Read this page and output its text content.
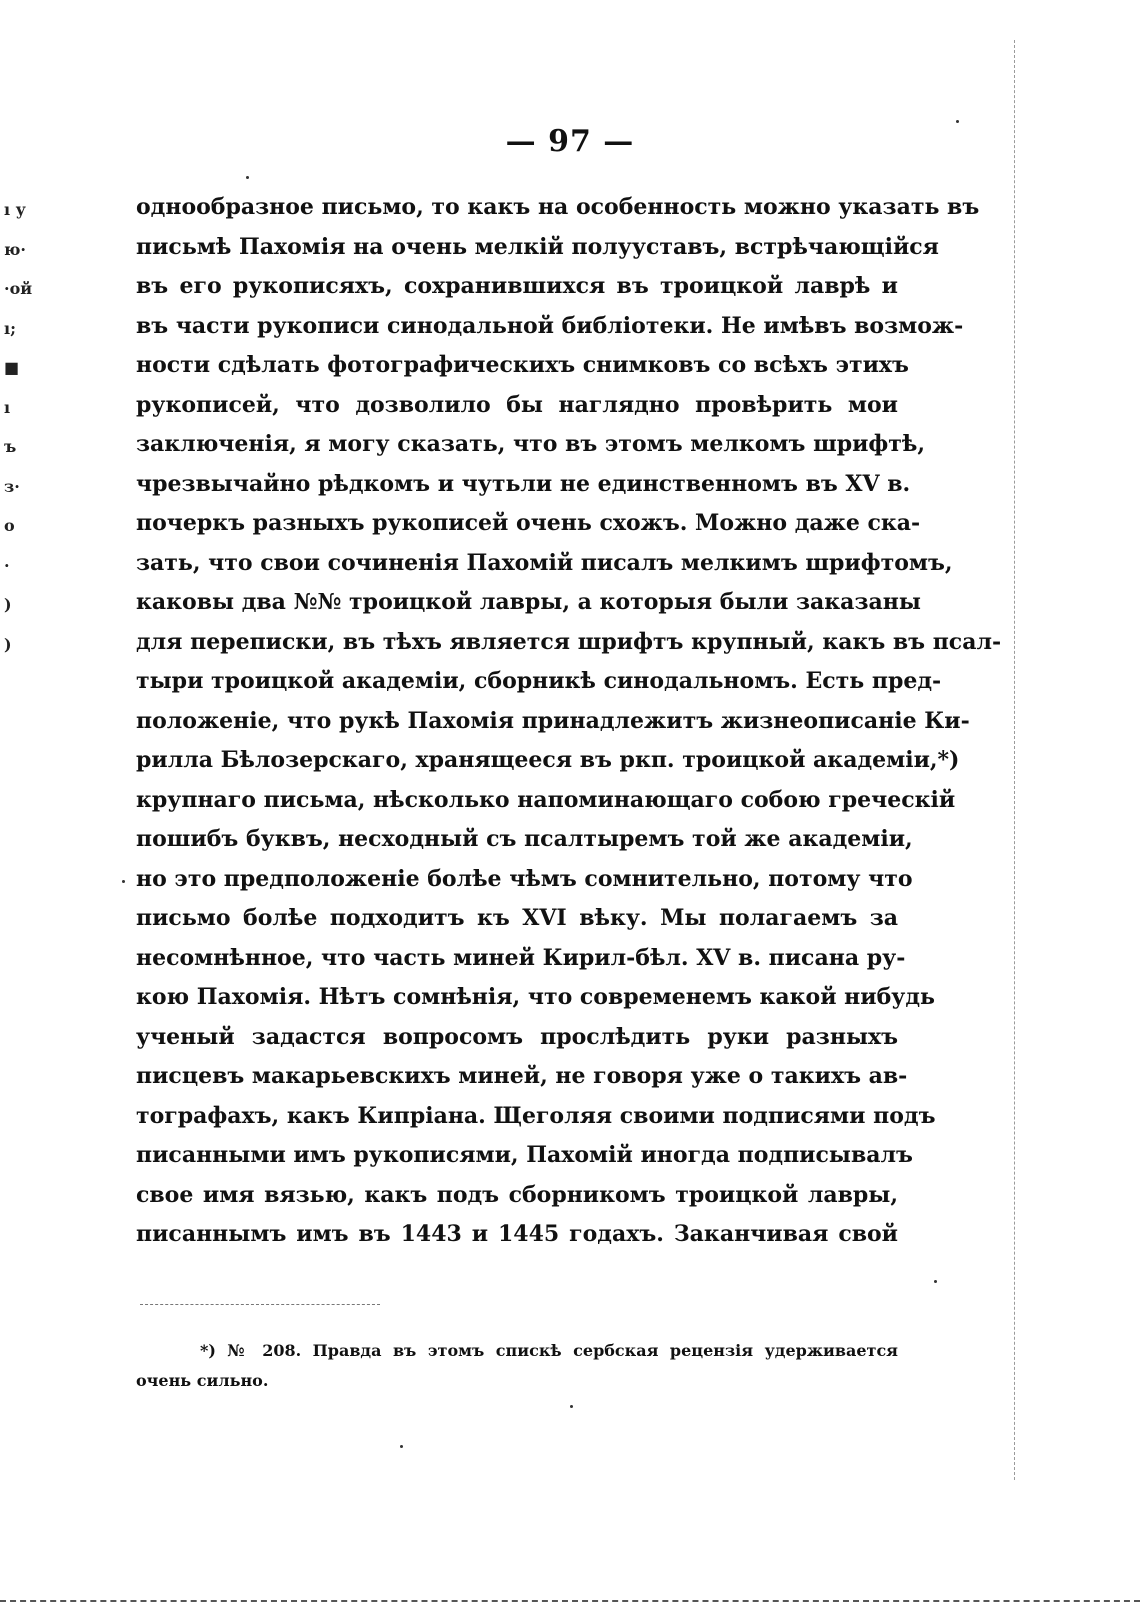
ı у
ю·
·ой
ı;
■
ı
ъ
з·
о
·
)
)
— 97 —
однообразное письмо, то какъ на особенность можно указать въ
письмѣ Пахомія на очень мелкій полууставъ, встрѣчающійся
въ его рукописяхъ, сохранившихся въ троицкой лаврѣ и
въ части рукописи синодальной библіотеки. Не имѣвъ возмож-
ности сдѣлать фотографическихъ снимковъ со всѣхъ этихъ
рукописей, что дозволило бы наглядно провѣрить мои
заключенія, я могу сказать, что въ этомъ мелкомъ шрифтѣ,
чрезвычайно рѣдкомъ и чутьли не единственномъ въ XV в.
почеркъ разныхъ рукописей очень схожъ. Можно даже ска-
зать, что свои сочиненія Пахомій писалъ мелкимъ шрифтомъ,
каковы два №№ троицкой лавры, а которыя были заказаны
для переписки, въ тѣхъ является шрифтъ крупный, какъ въ псал-
тыри троицкой академіи, сборникѣ синодальномъ. Есть пред-
положеніе, что рукѣ Пахомія принадлежитъ жизнеописаніе Ки-
рилла Бѣлозерскаго, хранящееся въ ркп. троицкой академіи,*)
крупнаго письма, нѣсколько напоминающаго собою греческій
пошибъ буквъ, несходный съ псалтыремъ той же академіи,
но это предположеніе болѣе чѣмъ сомнительно, потому что
письмо болѣе подходитъ къ XVI вѣку. Мы полагаемъ за
несомнѣнное, что часть миней Кирил-бѣл. XV в. писана ру-
кою Пахомія. Нѣтъ сомнѣнія, что современемъ какой нибудь
ученый задастся вопросомъ прослѣдить руки разныхъ
писцевъ макарьевскихъ миней, не говоря уже о такихъ ав-
тографахъ, какъ Кипріана. Щеголяя своими подписями подъ
писанными имъ рукописями, Пахомій иногда подписывалъ
свое имя вязью, какъ подъ сборникомъ троицкой лавры,
писаннымъ имъ въ 1443 и 1445 годахъ. Заканчивая свой
*) № 208. Правда въ этомъ спискѣ сербская рецензія удерживается
очень сильно.
